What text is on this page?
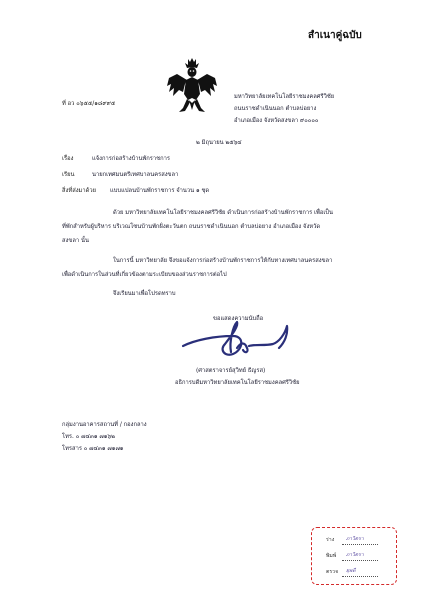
สำเนาคู่ฉบับ
ที่ อว ๐๖๕๕/๑๘๙๙๕
มหาวิทยาลัยเทคโนโลยีราชมงคลศรีวิชัย
ถนนราชดำเนินนอก ตำบลบ่อยาง
อำเภอเมือง จังหวัดสงขลา ๙๐๐๐๐
๒ มิถุนายน ๒๕๖๔
เรื่อง	แจ้งการก่อสร้างบ้านพักราชการ
เรียน	นายกเทศมนตรีเทศบาลนครสงขลา
สิ่งที่ส่งมาด้วย แบบแปลนบ้านพักราชการ จำนวน ๑ ชุด
ด้วย มหาวิทยาลัยเทคโนโลยีราชมงคลศรีวิชัย ดำเนินการก่อสร้างบ้านพักราชการ เพื่อเป็น
ที่พักสำหรับผู้บริหาร บริเวณโซนบ้านพักฝั่งตะวันตก ถนนราชดำเนินนอก ตำบลบ่อยาง อำเภอเมือง จังหวัด
สงขลา นั้น
ในการนี้ มหาวิทยาลัย จึงขอแจ้งการก่อสร้างบ้านพักราชการให้กับทางเทศบาลนครสงขลา
เพื่อดำเนินการในส่วนที่เกี่ยวข้องตามระเบียบของส่วนราชการต่อไป
จึงเรียนมาเพื่อโปรดทราบ
ขอแสดงความนับถือ
(ศาสตราจารย์สุวิทย์ ธีญรส)
อธิการบดีมหาวิทยาลัยเทคโนโลยีราชมงคลศรีวิชัย
กลุ่มงานอาคารสถานที่ / กองกลาง
โทร. ๐ ๗๔๓๑ ๗๑๖๒
โทรสาร ๐ ๗๔๓๑ ๗๑๗๑
ร่าง ภาวิตรา
พิมพ์ ภาวิตรา
ตรวจ ยุพดี
